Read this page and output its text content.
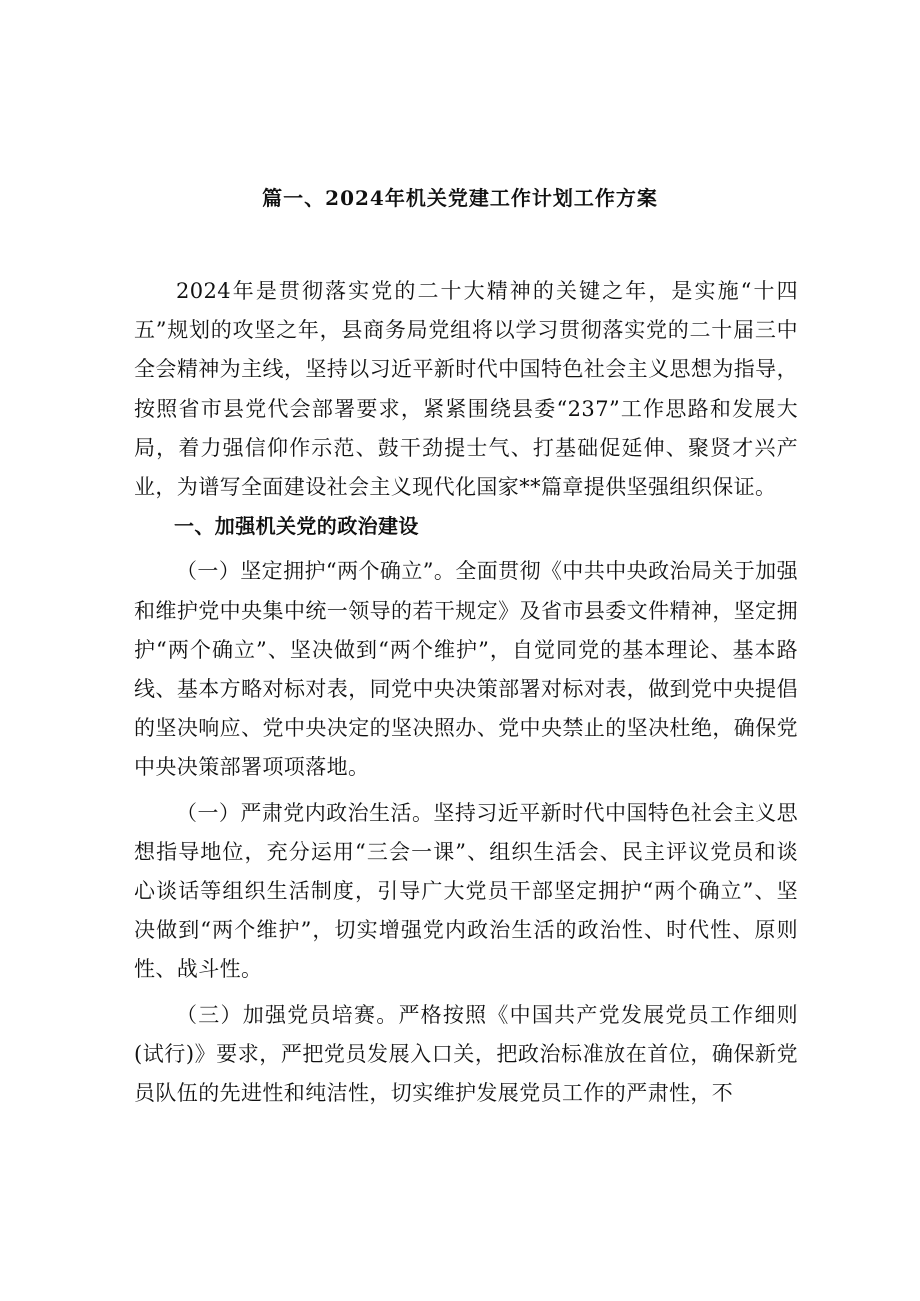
篇一、2024年机关党建工作计划工作方案

2024年是贯彻落实党的二十大精神的关键之年，是实施“十四五”规划的攻坚之年，县商务局党组将以学习贯彻落实党的二十届三中全会精神为主线，坚持以习近平新时代中国特色社会主义思想为指导，按照省市县党代会部署要求，紧紧围绕县委“237”工作思路和发展大局，着力强信仰作示范、鼓干劲提士气、打基础促延伸、聚贤才兴产业，为谱写全面建设社会主义现代化国家**篇章提供坚强组织保证。

一、加强机关党的政治建设

（一）坚定拥护“两个确立”。全面贯彻《中共中央政治局关于加强和维护党中央集中统一领导的若干规定》及省市县委文件精神，坚定拥护“两个确立”、坚决做到“两个维护”，自觉同党的基本理论、基本路线、基本方略对标对表，同党中央决策部署对标对表，做到党中央提倡的坚决响应、党中央决定的坚决照办、党中央禁止的坚决杜绝，确保党中央决策部署项项落地。

（一）严肃党内政治生活。坚持习近平新时代中国特色社会主义思想指导地位，充分运用“三会一课”、组织生活会、民主评议党员和谈心谈话等组织生活制度，引导广大党员干部坚定拥护“两个确立”、坚决做到“两个维护”，切实增强党内政治生活的政治性、时代性、原则性、战斗性。

（三）加强党员培赛。严格按照《中国共产党发展党员工作细则(试行)》要求，严把党员发展入口关，把政治标准放在首位，确保新党员队伍的先进性和纯洁性，切实维护发展党员工作的严肃性，不
